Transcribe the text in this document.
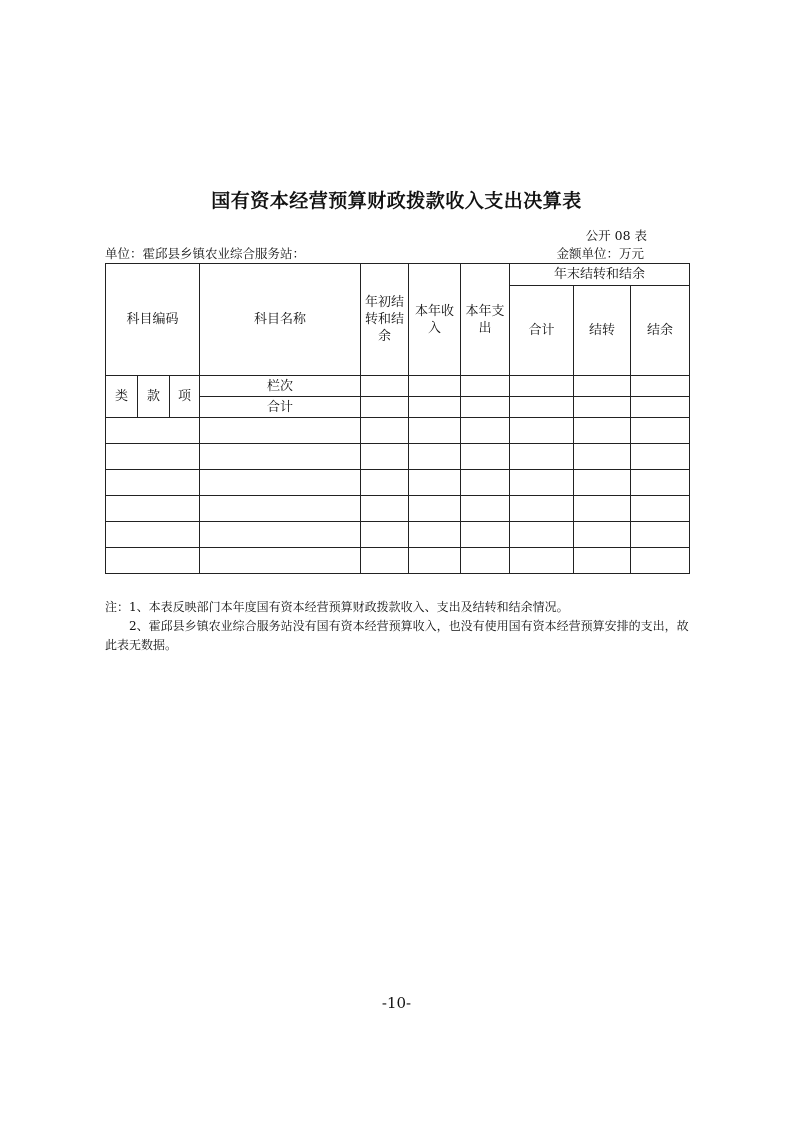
国有资本经营预算财政拨款收入支出决算表
公开 08 表
单位：霍邱县乡镇农业综合服务站：	金额单位：万元
科目编码			科目名称	年初结转和结余	本年收入	本年支出	年末结转和结余		
							合计	结转	结余
类	款	项	栏次						
			合计						

注：1、本表反映部门本年度国有资本经营预算财政拨款收入、支出及结转和结余情况。

2、霍邱县乡镇农业综合服务站没有国有资本经营预算收入，也没有使用国有资本经营预算安排的支出，故此表无数据。

-10-
